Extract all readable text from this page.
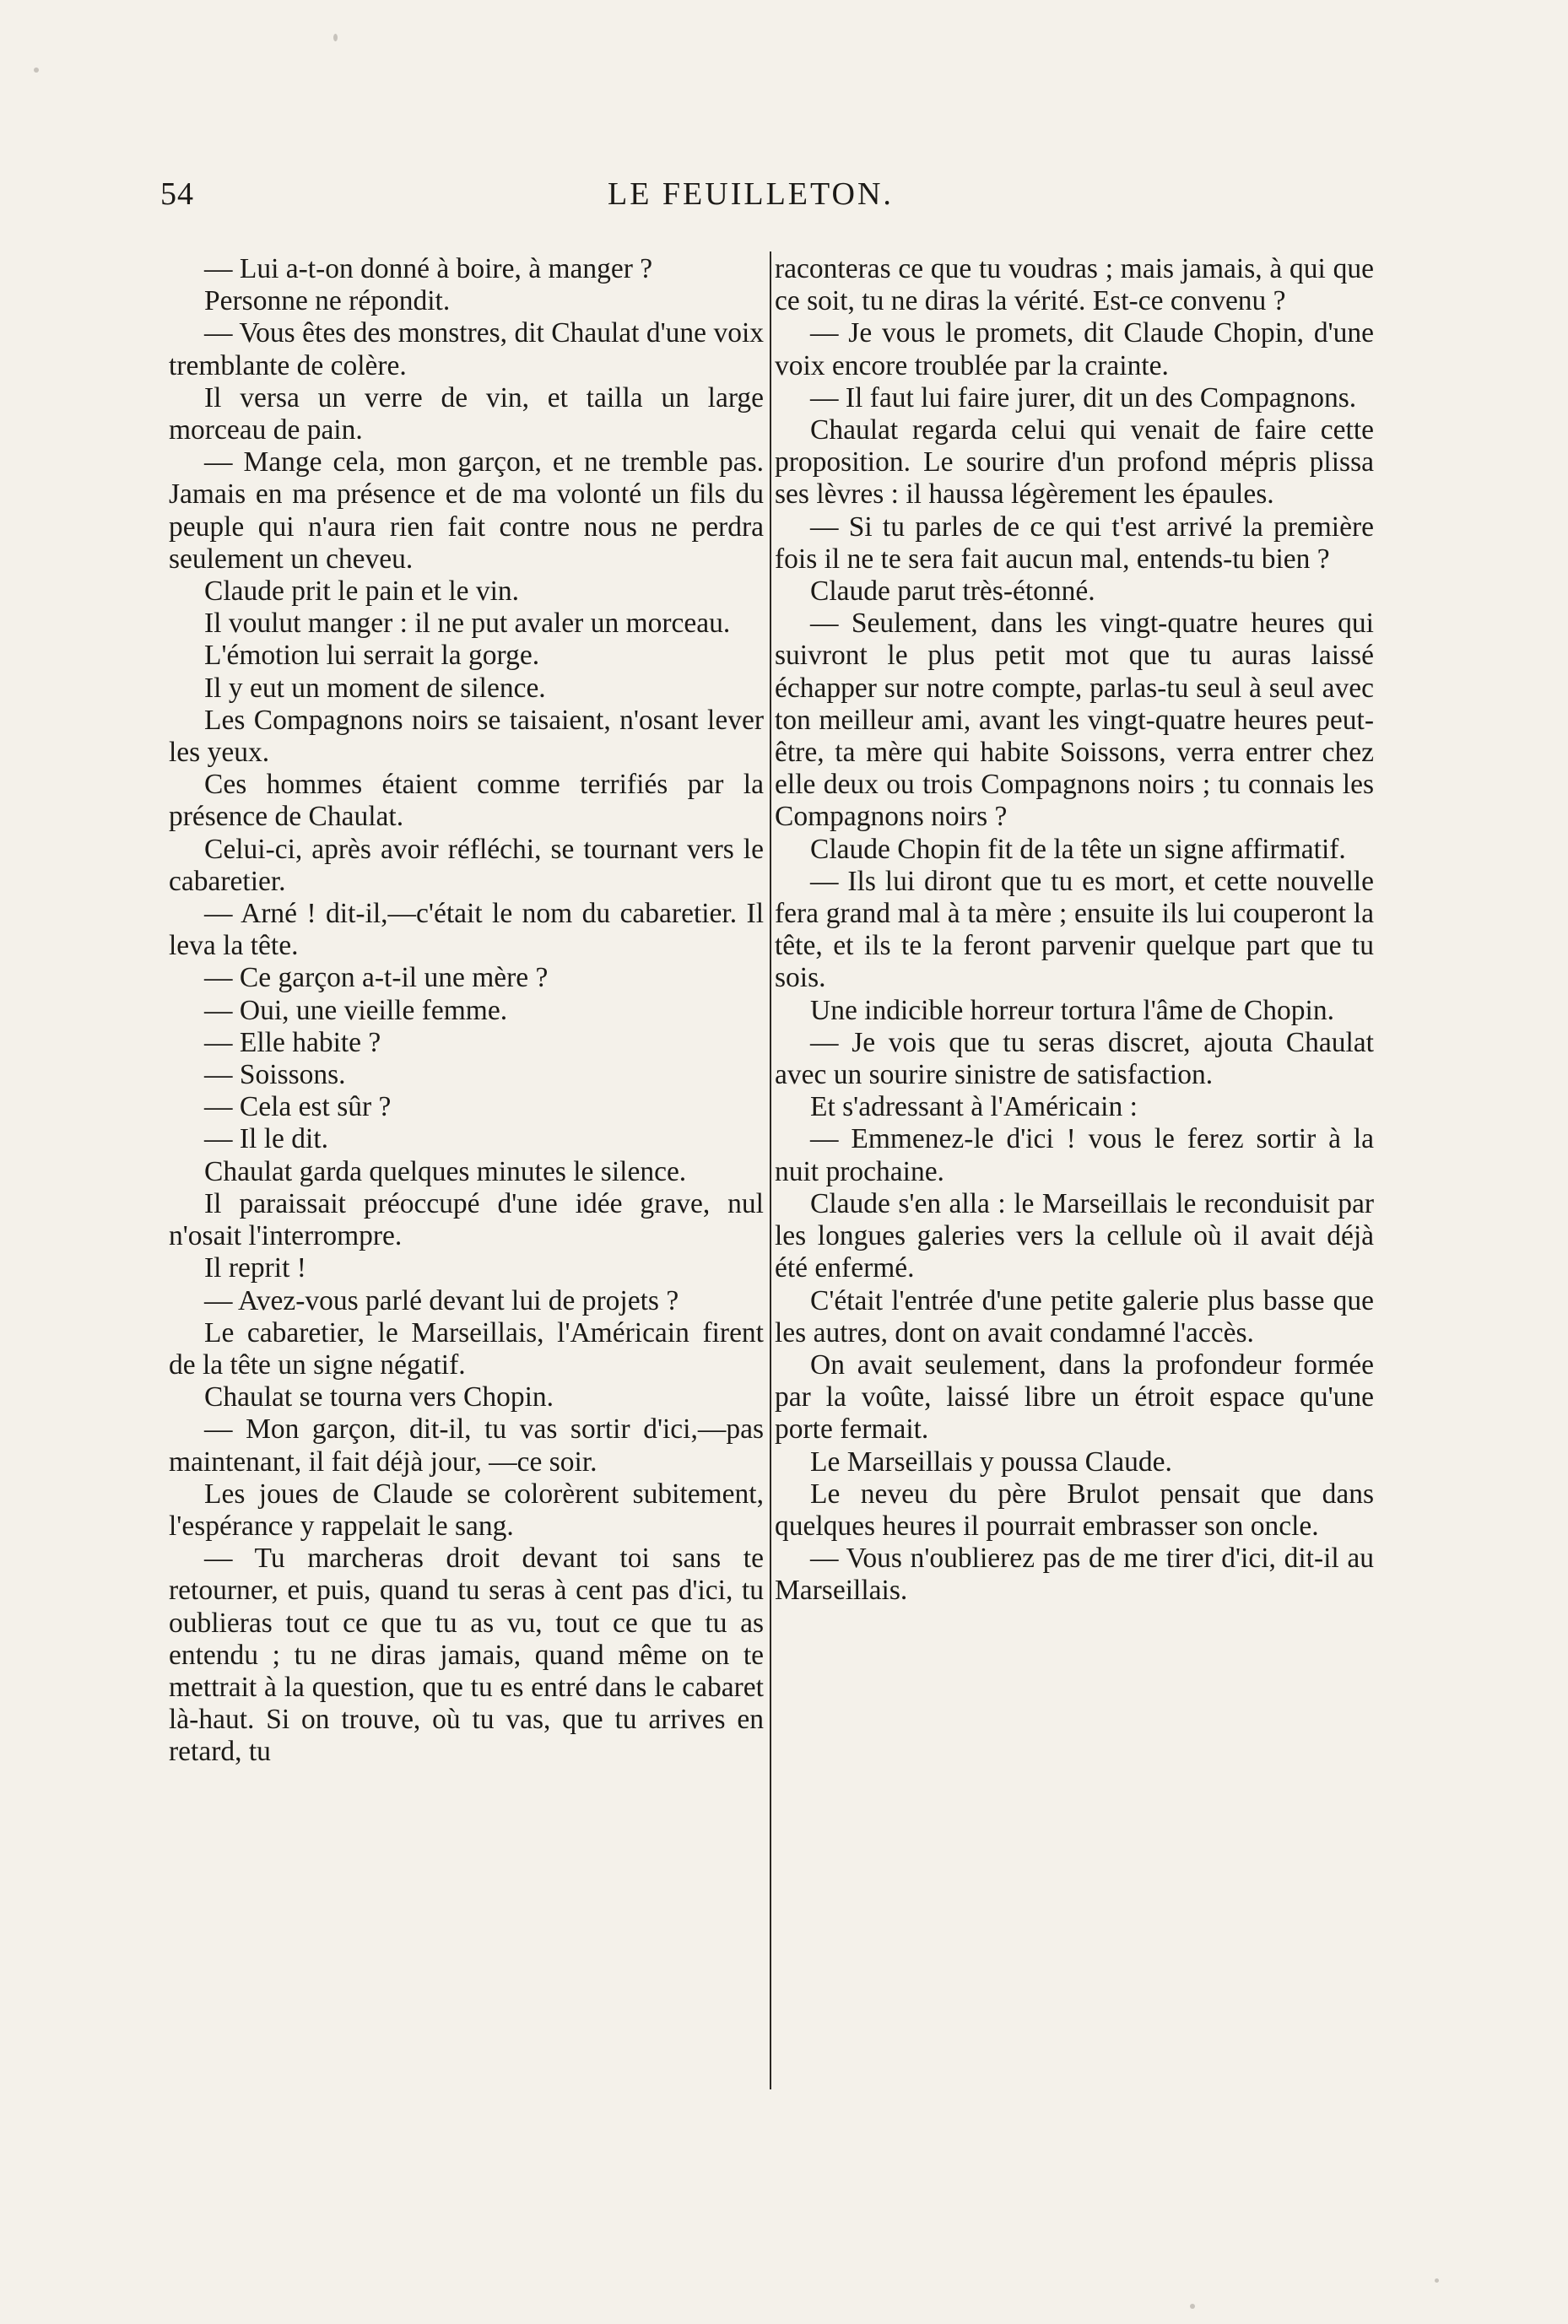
54	LE FEUILLETON.

— Lui a-t-on donné à boire, à manger ?

Personne ne répondit.

— Vous êtes des monstres, dit Chaulat d'une voix tremblante de colère.

Il versa un verre de vin, et tailla un large morceau de pain.

— Mange cela, mon garçon, et ne tremble pas. Jamais en ma présence et de ma volonté un fils du peuple qui n'aura rien fait contre nous ne perdra seulement un cheveu.

Claude prit le pain et le vin.

Il voulut manger : il ne put avaler un morceau.

L'émotion lui serrait la gorge.

Il y eut un moment de silence.

Les Compagnons noirs se taisaient, n'osant lever les yeux.

Ces hommes étaient comme terrifiés par la présence de Chaulat.

Celui-ci, après avoir réfléchi, se tournant vers le cabaretier.

— Arné ! dit-il,—c'était le nom du cabaretier. Il leva la tête.

— Ce garçon a-t-il une mère ?

— Oui, une vieille femme.

— Elle habite ?

— Soissons.

— Cela est sûr ?

— Il le dit.

Chaulat garda quelques minutes le silence.

Il paraissait préoccupé d'une idée grave, nul n'osait l'interrompre.

Il reprit !

— Avez-vous parlé devant lui de projets ?

Le cabaretier, le Marseillais, l'Américain firent de la tête un signe négatif.

Chaulat se tourna vers Chopin.

— Mon garçon, dit-il, tu vas sortir d'ici,—pas maintenant, il fait déjà jour, —ce soir.

Les joues de Claude se colorèrent subitement, l'espérance y rappelait le sang.

— Tu marcheras droit devant toi sans te retourner, et puis, quand tu seras à cent pas d'ici, tu oublieras tout ce que tu as vu, tout ce que tu as entendu ; tu ne diras jamais, quand même on te mettrait à la question, que tu es entré dans le cabaret là-haut. Si on trouve, où tu vas, que tu arrives en retard, tu

raconteras ce que tu voudras ; mais jamais, à qui que ce soit, tu ne diras la vérité. Est-ce convenu ?

— Je vous le promets, dit Claude Chopin, d'une voix encore troublée par la crainte.

— Il faut lui faire jurer, dit un des Compagnons.

Chaulat regarda celui qui venait de faire cette proposition. Le sourire d'un profond mépris plissa ses lèvres : il haussa légèrement les épaules.

— Si tu parles de ce qui t'est arrivé la première fois il ne te sera fait aucun mal, entends-tu bien ?

Claude parut très-étonné.

— Seulement, dans les vingt-quatre heures qui suivront le plus petit mot que tu auras laissé échapper sur notre compte, parlas-tu seul à seul avec ton meilleur ami, avant les vingt-quatre heures peut-être, ta mère qui habite Soissons, verra entrer chez elle deux ou trois Compagnons noirs ; tu connais les Compagnons noirs ?

Claude Chopin fit de la tête un signe affirmatif.

— Ils lui diront que tu es mort, et cette nouvelle fera grand mal à ta mère ; ensuite ils lui couperont la tête, et ils te la feront parvenir quelque part que tu sois.

Une indicible horreur tortura l'âme de Chopin.

— Je vois que tu seras discret, ajouta Chaulat avec un sourire sinistre de satisfaction.

Et s'adressant à l'Américain :

— Emmenez-le d'ici ! vous le ferez sortir à la nuit prochaine.

Claude s'en alla : le Marseillais le reconduisit par les longues galeries vers la cellule où il avait déjà été enfermé.

C'était l'entrée d'une petite galerie plus basse que les autres, dont on avait condamné l'accès.

On avait seulement, dans la profondeur formée par la voûte, laissé libre un étroit espace qu'une porte fermait.

Le Marseillais y poussa Claude.

Le neveu du père Brulot pensait que dans quelques heures il pourrait embrasser son oncle.

— Vous n'oublierez pas de me tirer d'ici, dit-il au Marseillais.
